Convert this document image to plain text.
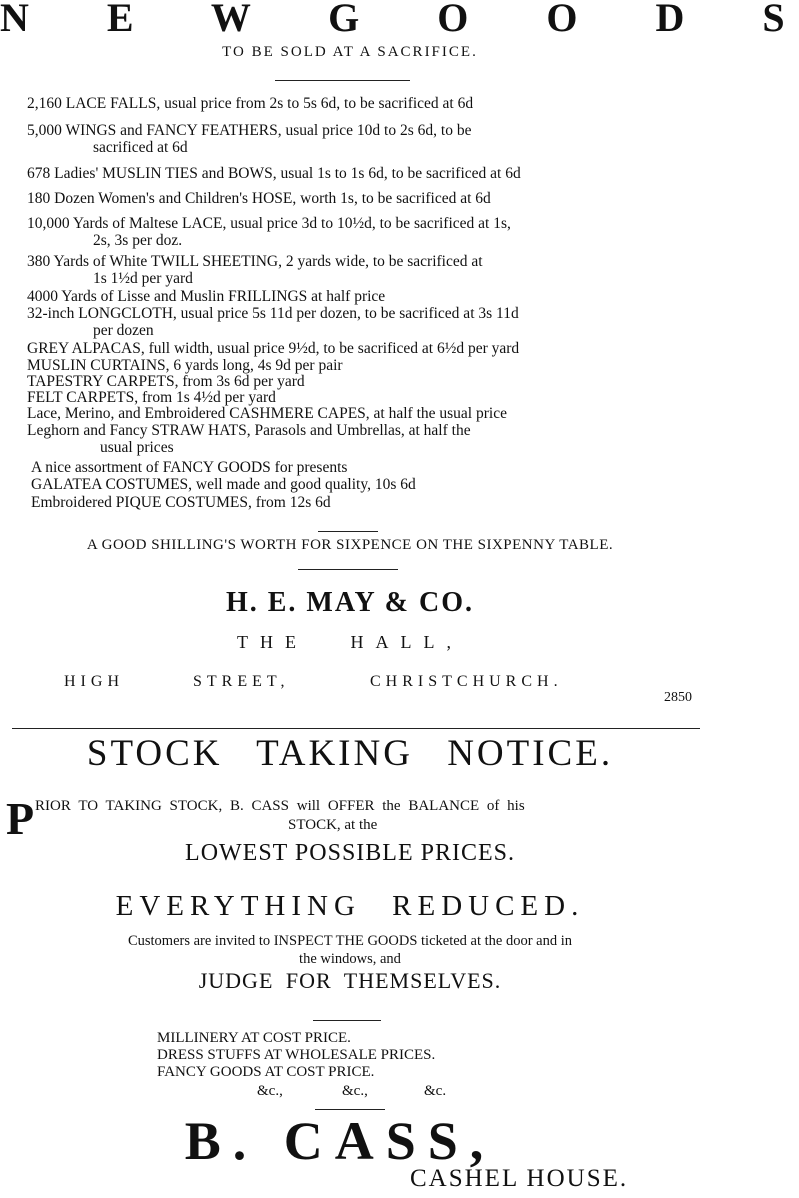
N E W G O O D S
TO BE SOLD AT A SACRIFICE.
2,160 LACE FALLS, usual price from 2s to 5s 6d, to be sacrificed at 6d
5,000 WINGS and FANCY FEATHERS, usual price 10d to 2s 6d, to be
sacrificed at 6d
678 Ladies' MUSLIN TIES and BOWS, usual 1s to 1s 6d, to be sacrificed at 6d
180 Dozen Women's and Children's HOSE, worth 1s, to be sacrificed at 6d
10,000 Yards of Maltese LACE, usual price 3d to 10½d, to be sacrificed at 1s,
2s, 3s per doz.
380 Yards of White TWILL SHEETING, 2 yards wide, to be sacrificed at
1s 1½d per yard
4000 Yards of Lisse and Muslin FRILLINGS at half price
32-inch LONGCLOTH, usual price 5s 11d per dozen, to be sacrificed at 3s 11d
per dozen
GREY ALPACAS, full width, usual price 9½d, to be sacrificed at 6½d per yard
MUSLIN CURTAINS, 6 yards long, 4s 9d per pair
TAPESTRY CARPETS, from 3s 6d per yard
FELT CARPETS, from 1s 4½d per yard
Lace, Merino, and Embroidered CASHMERE CAPES, at half the usual price
Leghorn and Fancy STRAW HATS, Parasols and Umbrellas, at half the
usual prices
A nice assortment of FANCY GOODS for presents
GALATEA COSTUMES, well made and good quality, 10s 6d
Embroidered PIQUE COSTUMES, from 12s 6d
A GOOD SHILLING'S WORTH FOR SIXPENCE ON THE SIXPENNY TABLE.
H. E. MAY & CO.
THE HALL,
HIGH	STREET,	CHRISTCHURCH.
2850
STOCK TAKING NOTICE.
P RIOR TO TAKING STOCK, B. CASS will OFFER the BALANCE of his
STOCK, at the
LOWEST POSSIBLE PRICES.
EVERYTHING REDUCED.
Customers are invited to INSPECT THE GOODS ticketed at the door and in
the windows, and
JUDGE FOR THEMSELVES.
MILLINERY AT COST PRICE.
DRESS STUFFS AT WHOLESALE PRICES.
FANCY GOODS AT COST PRICE.
&c.,	&c.,	&c.
B. CASS,
CASHEL HOUSE.
